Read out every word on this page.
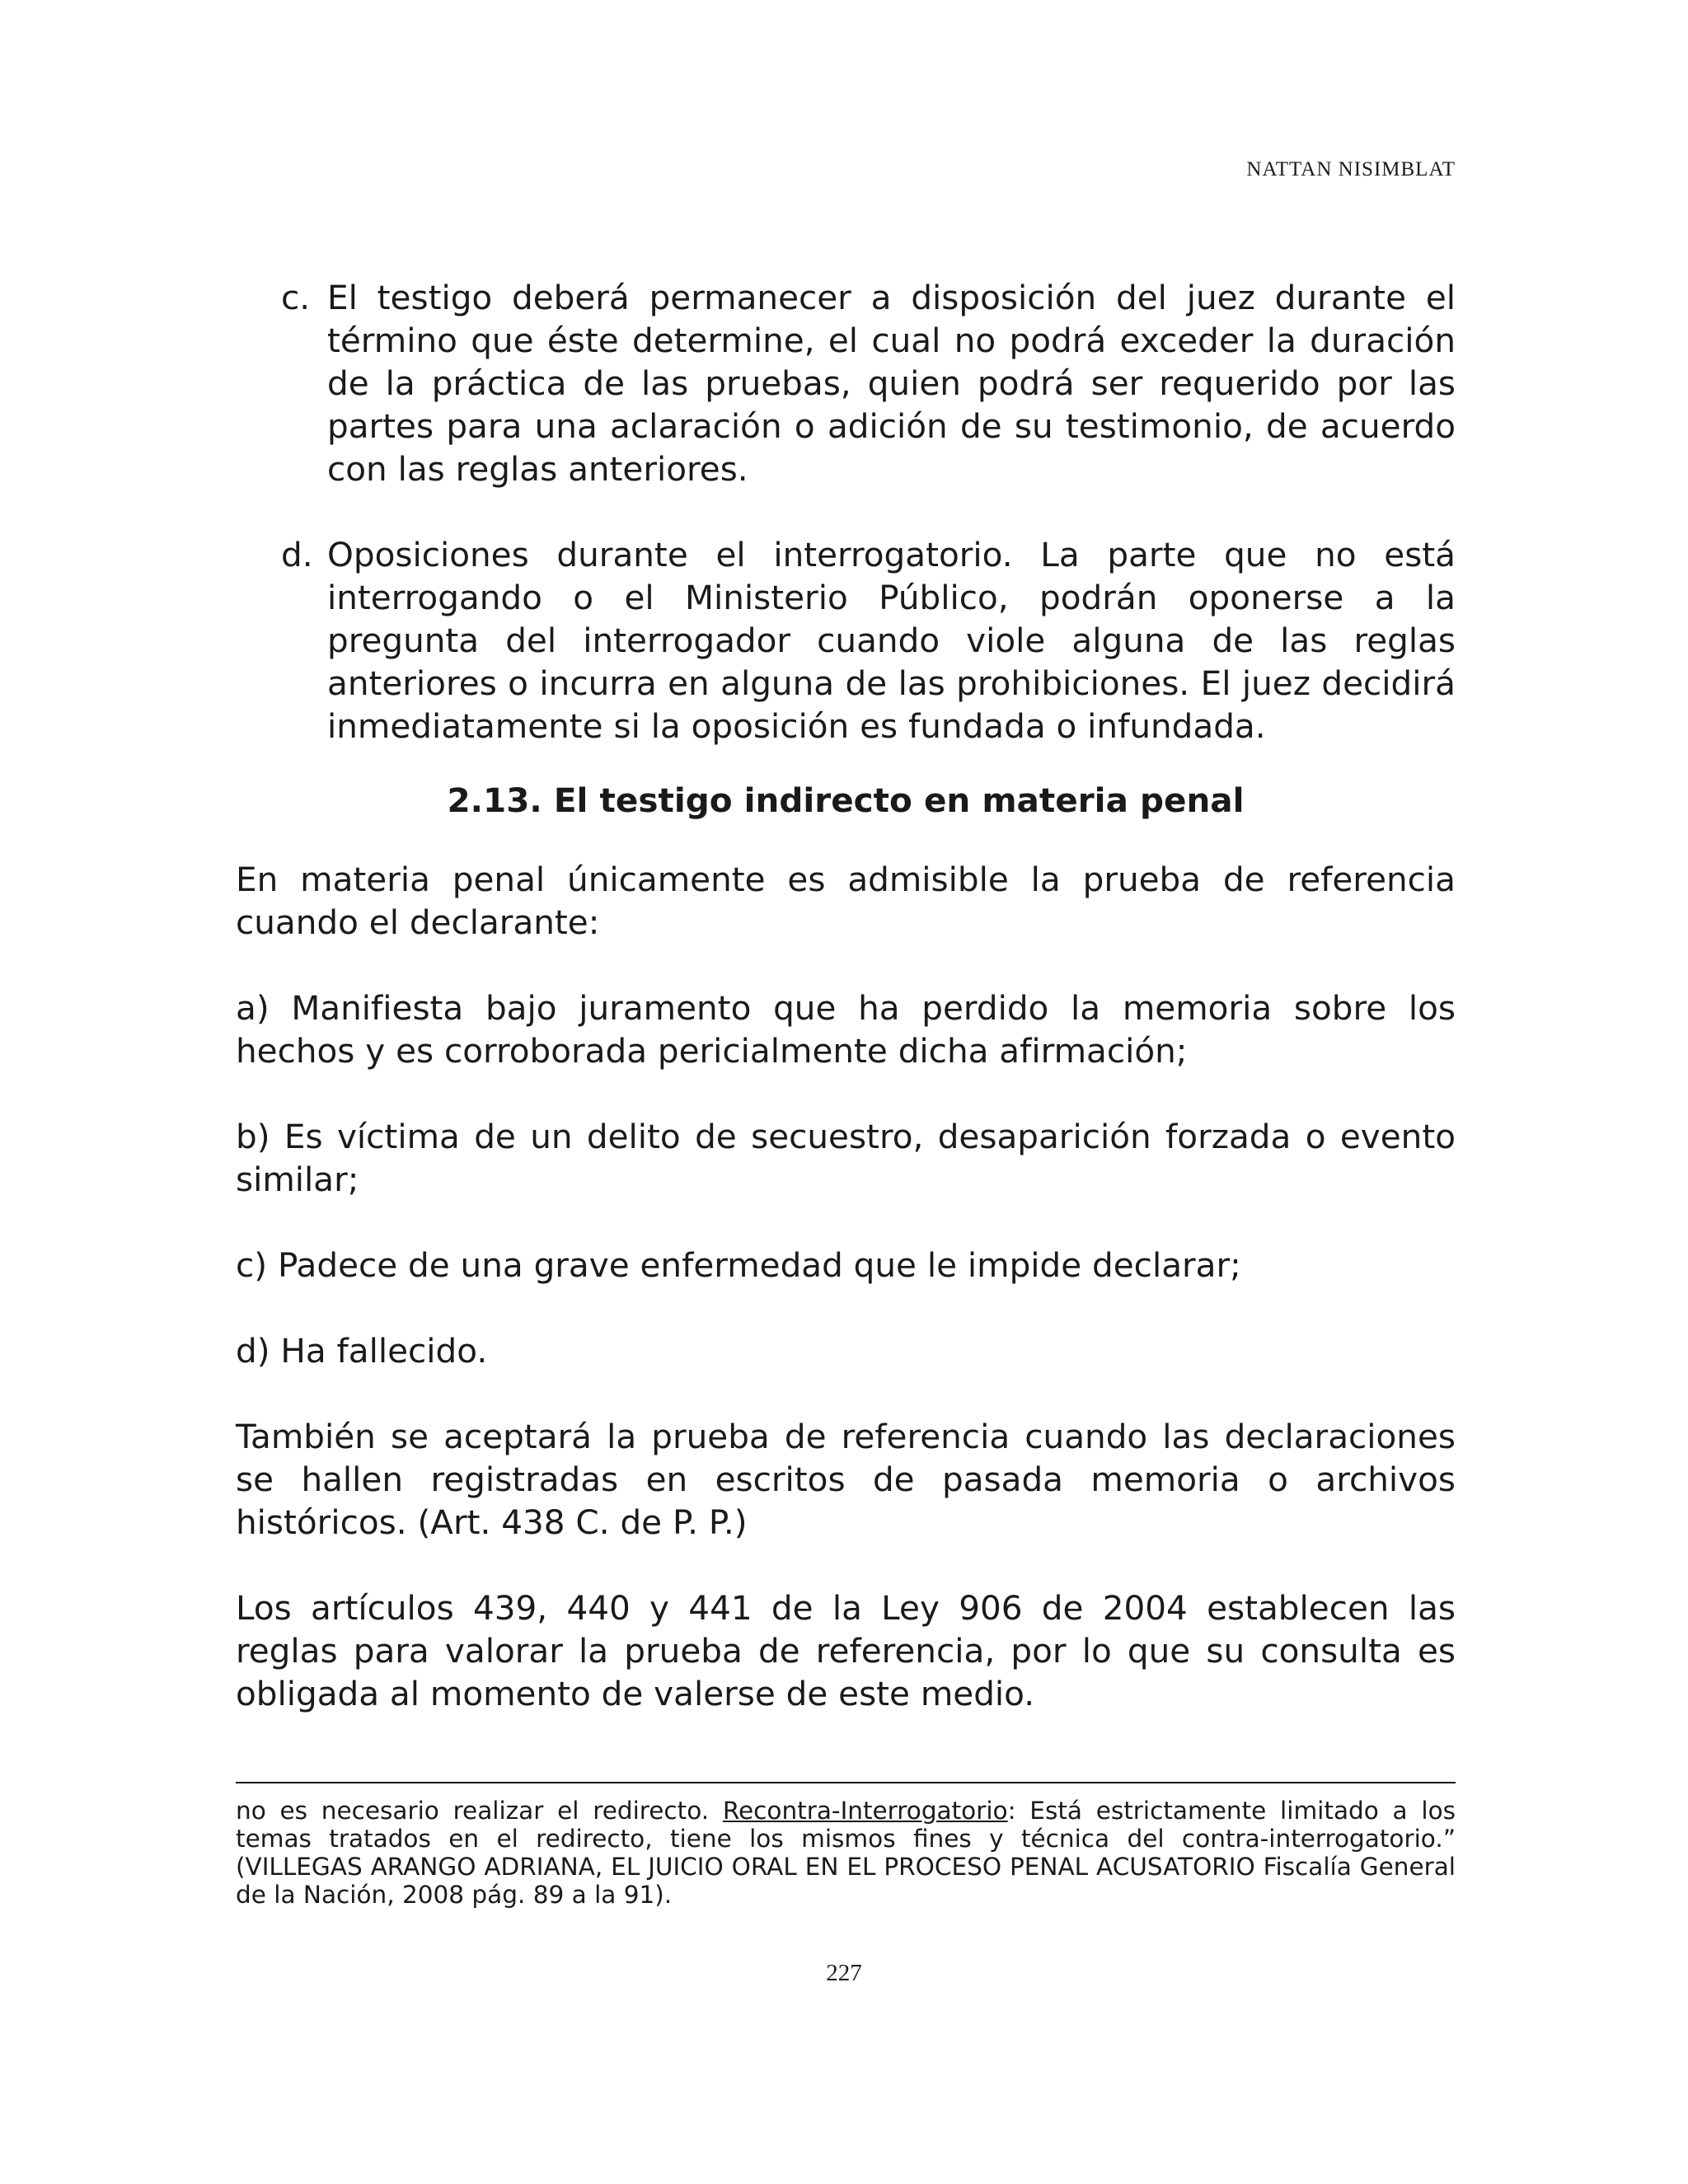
NATTAN NISIMBLAT
c. El testigo deberá permanecer a disposición del juez durante el término que éste determine, el cual no podrá exceder la duración de la práctica de las pruebas, quien podrá ser requerido por las partes para una aclaración o adición de su testimonio, de acuerdo con las reglas anteriores.
d. Oposiciones durante el interrogatorio. La parte que no está interrogando o el Ministerio Público, podrán oponerse a la pregunta del interrogador cuando viole alguna de las reglas anteriores o incurra en alguna de las prohibiciones. El juez decidirá inmediatamente si la oposición es fundada o infundada.
2.13. El testigo indirecto en materia penal
En materia penal únicamente es admisible la prueba de referencia cuando el declarante:
a) Manifiesta bajo juramento que ha perdido la memoria sobre los hechos y es corroborada pericialmente dicha afirmación;
b) Es víctima de un delito de secuestro, desaparición forzada o evento similar;
c) Padece de una grave enfermedad que le impide declarar;
d) Ha fallecido.
También se aceptará la prueba de referencia cuando las declaraciones se hallen registradas en escritos de pasada memoria o archivos históricos. (Art. 438 C. de P. P.)
Los artículos 439, 440 y 441 de la Ley 906 de 2004 establecen las reglas para valorar la prueba de referencia, por lo que su consulta es obligada al momento de valerse de este medio.
no es necesario realizar el redirecto. Recontra-Interrogatorio: Está estrictamente limitado a los temas tratados en el redirecto, tiene los mismos fines y técnica del contra-interrogatorio.” (VILLEGAS ARANGO ADRIANA, EL JUICIO ORAL EN EL PROCESO PENAL ACUSATORIO Fiscalía General de la Nación, 2008 pág. 89 a la 91).
227
